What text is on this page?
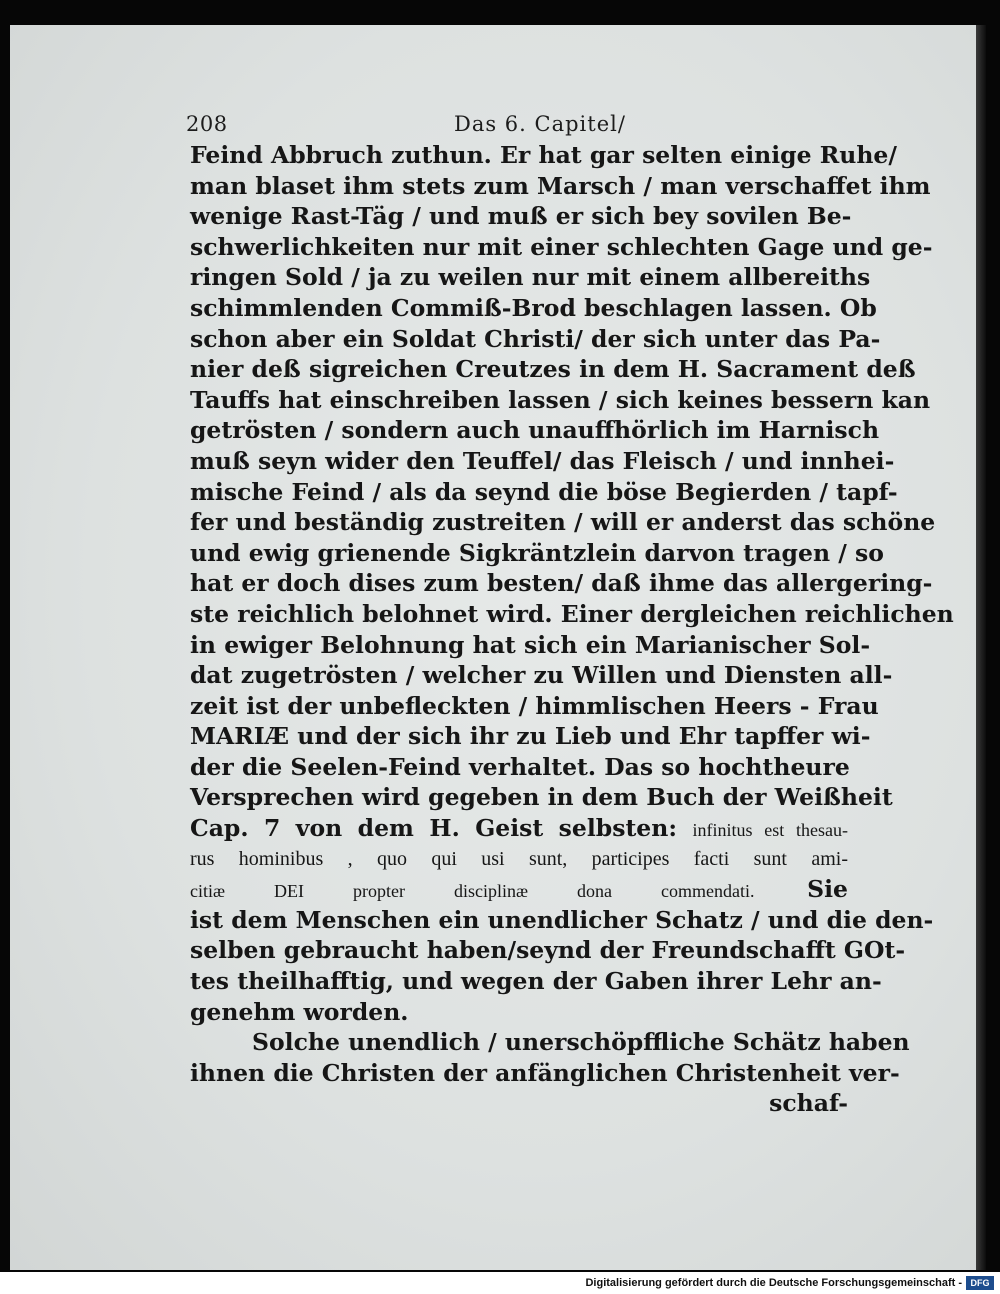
208	Das 6. Capitel/
Feind Abbruch zuthun. Er hat gar selten einige Ruhe/
man blaset ihm stets zum Marsch / man verschaffet ihm
wenige Rast-Täg / und muß er sich bey sovilen Be-
schwerlichkeiten nur mit einer schlechten Gage und ge-
ringen Sold / ja zu weilen nur mit einem allbereiths
schimmlenden Commiß-Brod beschlagen lassen. Ob
schon aber ein Soldat Christi/ der sich unter das Pa-
nier deß sigreichen Creutzes in dem H. Sacrament deß
Tauffs hat einschreiben lassen / sich keines bessern kan
getrösten / sondern auch unauffhörlich im Harnisch
muß seyn wider den Teuffel/ das Fleisch / und innhei-
mische Feind / als da seynd die böse Begierden / tapf-
fer und beständig zustreiten / will er anderst das schöne
und ewig grienende Sigkräntzlein darvon tragen / so
hat er doch dises zum besten/ daß ihme das allergering-
ste reichlich belohnet wird. Einer dergleichen reichlichen
in ewiger Belohnung hat sich ein Marianischer Sol-
dat zugetrösten / welcher zu Willen und Diensten all-
zeit ist der unbefleckten / himmlischen Heers - Frau
MARIÆ und der sich ihr zu Lieb und Ehr tapffer wi-
der die Seelen-Feind verhaltet. Das so hochtheure
Versprechen wird gegeben in dem Buch der Weißheit
Cap. 7 von dem H. Geist selbsten: infinitus est thesau-
rus hominibus , quo qui usi sunt, participes facti sunt ami-
citiæ DEI propter disciplinæ dona commendati. Sie
ist dem Menschen ein unendlicher Schatz / und die den-
selben gebraucht haben/seynd der Freundschafft GOt-
tes theilhafftig, und wegen der Gaben ihrer Lehr an-
genehm worden.
Solche unendlich / unerschöpffliche Schätz haben
ihnen die Christen der anfänglichen Christenheit ver-
schaf-
Digitalisierung gefördert durch die Deutsche Forschungsgemeinschaft - DFG
